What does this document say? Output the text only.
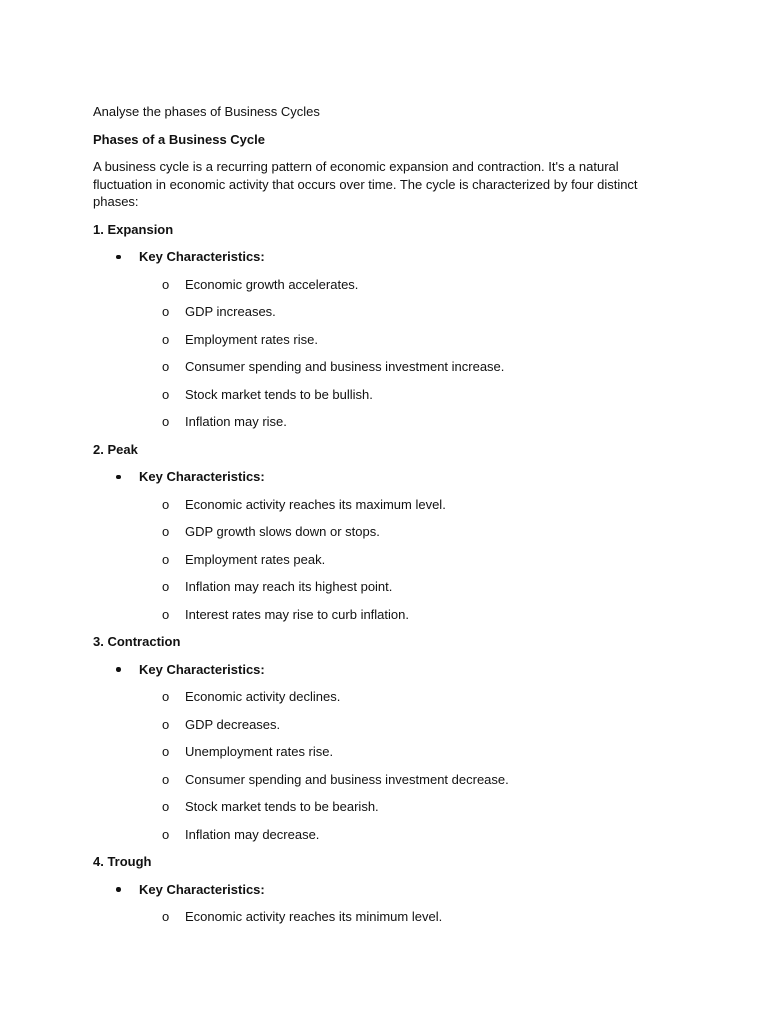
Analyse the phases of Business Cycles
Phases of a Business Cycle
A business cycle is a recurring pattern of economic expansion and contraction. It's a natural
fluctuation in economic activity that occurs over time. The cycle is characterized by four distinct
phases:
1. Expansion
Key Characteristics:
o	Economic growth accelerates.
o	GDP increases.
o	Employment rates rise.
o	Consumer spending and business investment increase.
o	Stock market tends to be bullish.
o	Inflation may rise.
2. Peak
Key Characteristics:
o	Economic activity reaches its maximum level.
o	GDP growth slows down or stops.
o	Employment rates peak.
o	Inflation may reach its highest point.
o	Interest rates may rise to curb inflation.
3. Contraction
Key Characteristics:
o	Economic activity declines.
o	GDP decreases.
o	Unemployment rates rise.
o	Consumer spending and business investment decrease.
o	Stock market tends to be bearish.
o	Inflation may decrease.
4. Trough
Key Characteristics:
o	Economic activity reaches its minimum level.
